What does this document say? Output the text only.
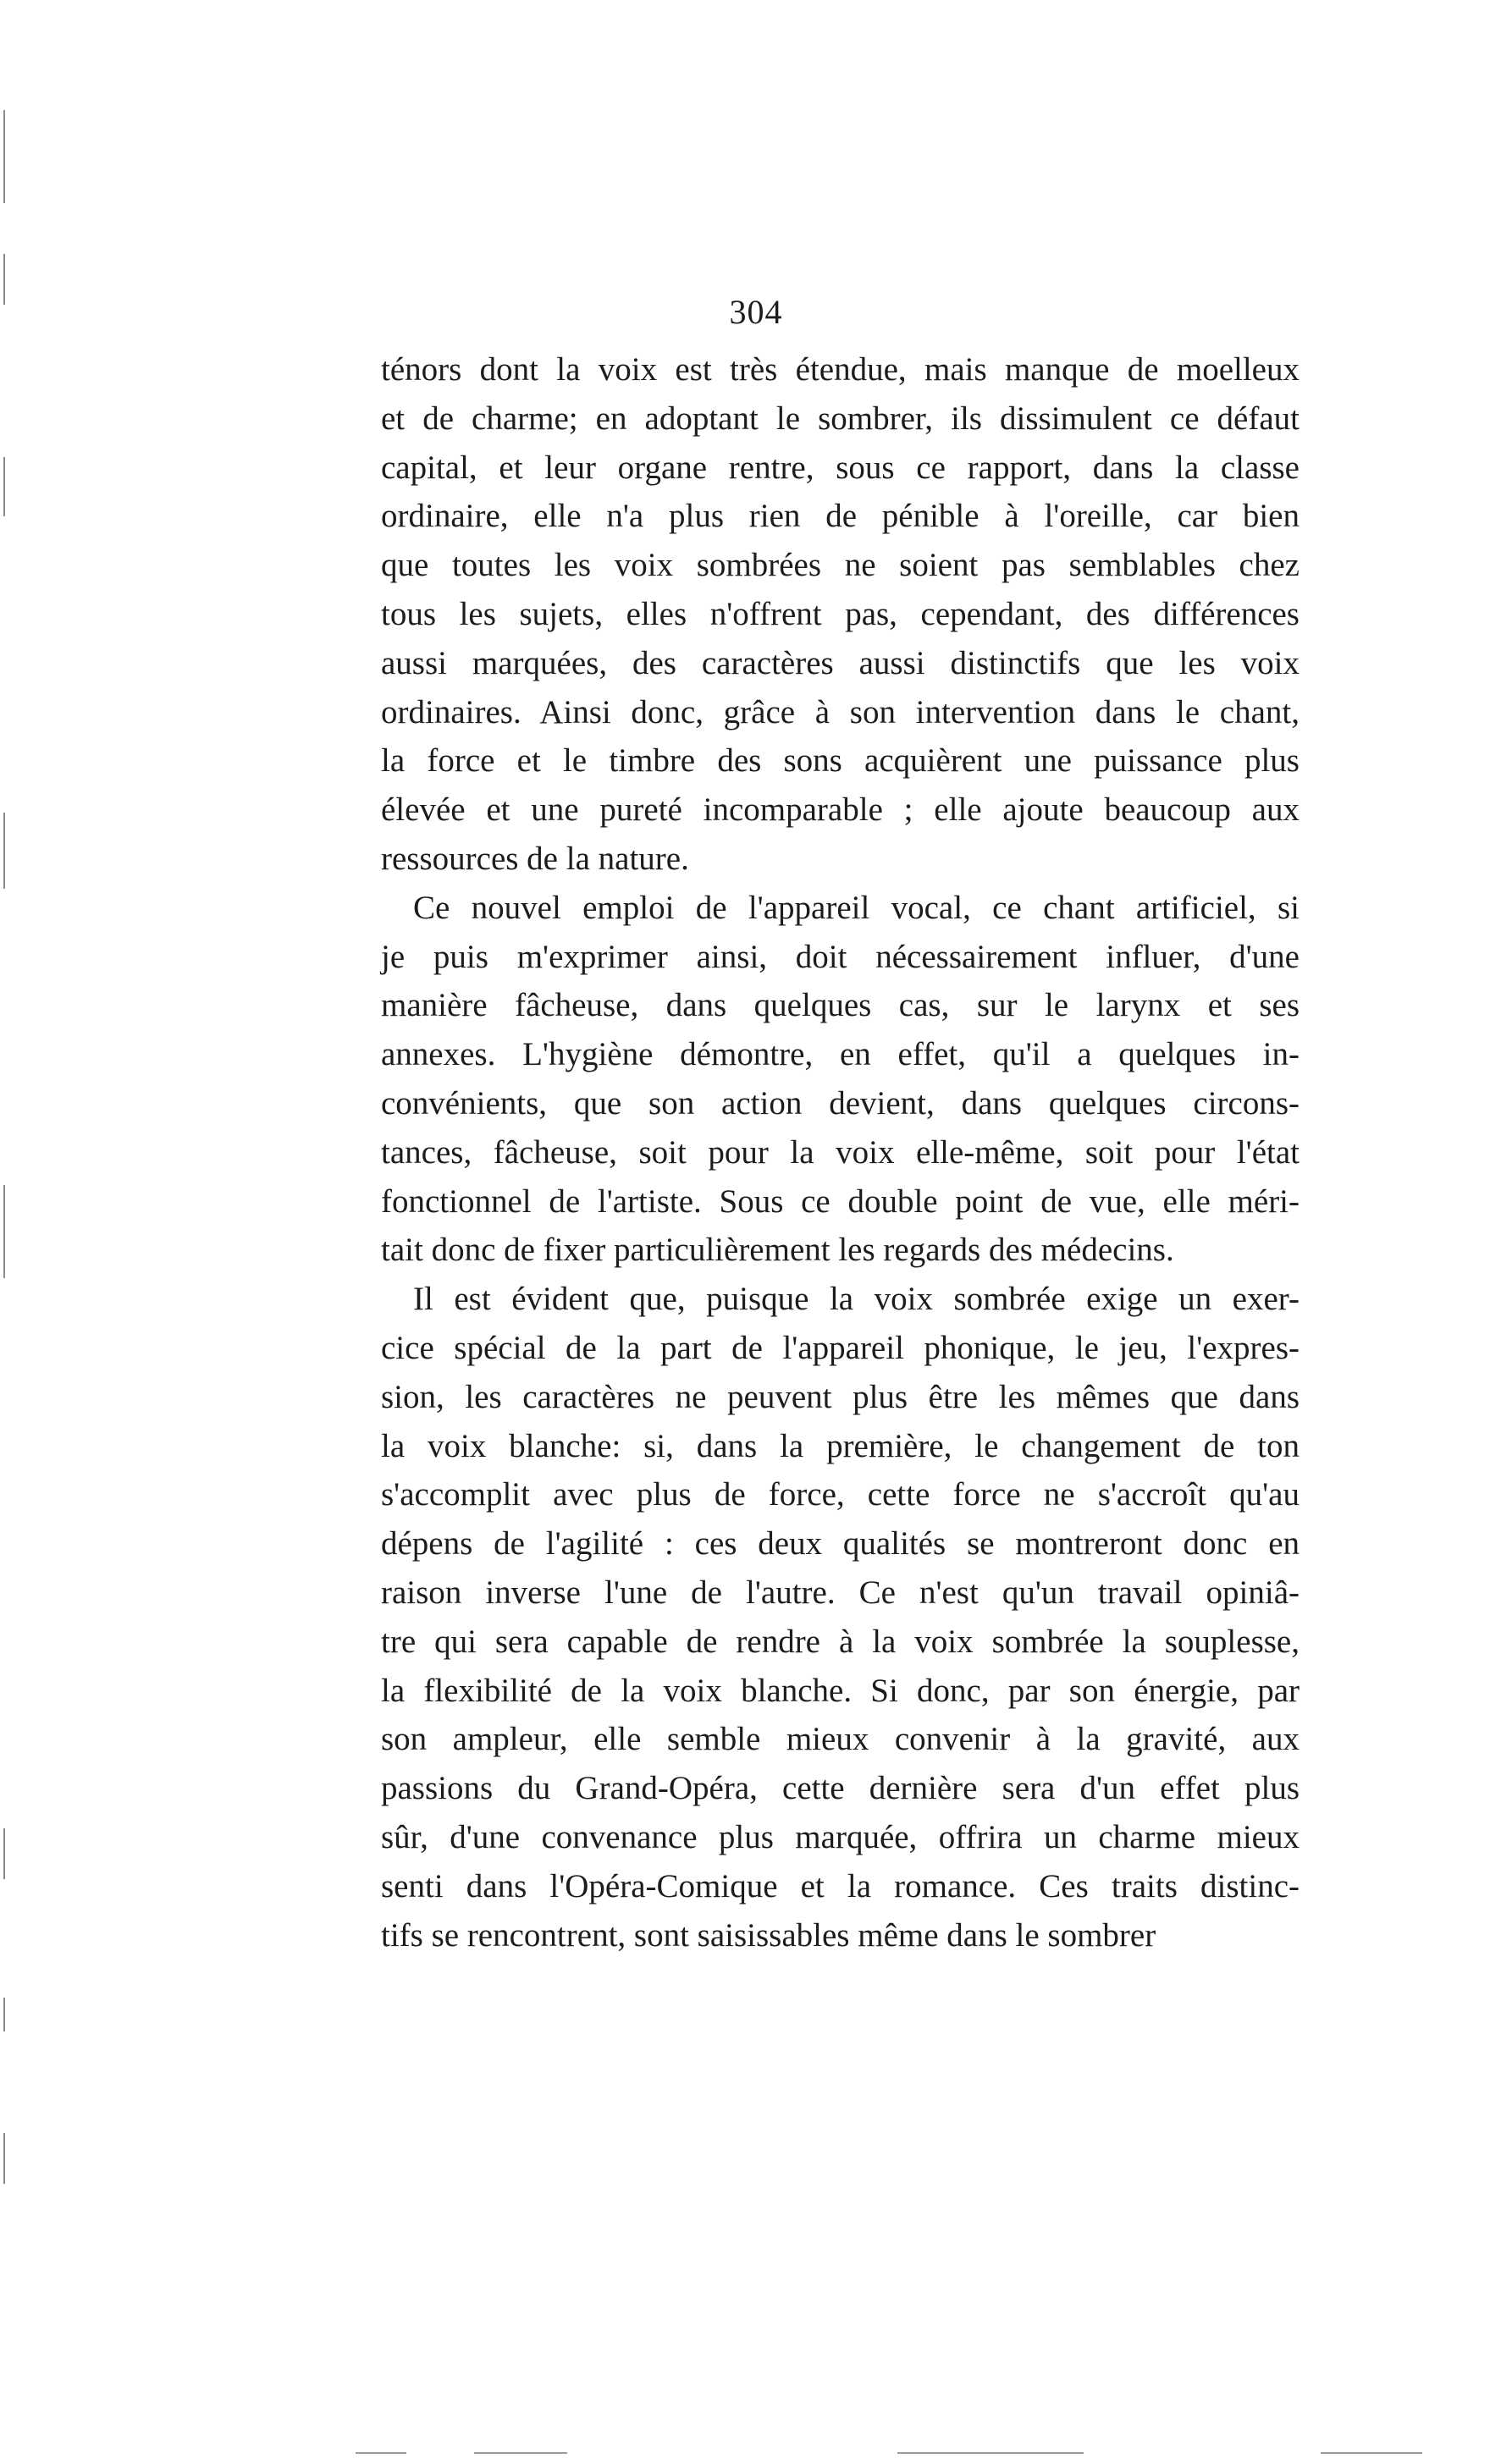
304
ténors dont la voix est très étendue, mais manque de moelleux
et de charme; en adoptant le sombrer, ils dissimulent ce défaut
capital, et leur organe rentre, sous ce rapport, dans la classe
ordinaire, elle n'a plus rien de pénible à l'oreille, car bien
que toutes les voix sombrées ne soient pas semblables chez
tous les sujets, elles n'offrent pas, cependant, des différences
aussi marquées, des caractères aussi distinctifs que les voix
ordinaires. Ainsi donc, grâce à son intervention dans le chant,
la force et le timbre des sons acquièrent une puissance plus
élevée et une pureté incomparable ; elle ajoute beaucoup aux
ressources de la nature.
Ce nouvel emploi de l'appareil vocal, ce chant artificiel, si
je puis m'exprimer ainsi, doit nécessairement influer, d'une
manière fâcheuse, dans quelques cas, sur le larynx et ses
annexes. L'hygiène démontre, en effet, qu'il a quelques in-
convénients, que son action devient, dans quelques circons-
tances, fâcheuse, soit pour la voix elle-même, soit pour l'état
fonctionnel de l'artiste. Sous ce double point de vue, elle méri-
tait donc de fixer particulièrement les regards des médecins.
Il est évident que, puisque la voix sombrée exige un exer-
cice spécial de la part de l'appareil phonique, le jeu, l'expres-
sion, les caractères ne peuvent plus être les mêmes que dans
la voix blanche: si, dans la première, le changement de ton
s'accomplit avec plus de force, cette force ne s'accroît qu'au
dépens de l'agilité : ces deux qualités se montreront donc en
raison inverse l'une de l'autre. Ce n'est qu'un travail opiniâ-
tre qui sera capable de rendre à la voix sombrée la souplesse,
la flexibilité de la voix blanche. Si donc, par son énergie, par
son ampleur, elle semble mieux convenir à la gravité, aux
passions du Grand-Opéra, cette dernière sera d'un effet plus
sûr, d'une convenance plus marquée, offrira un charme mieux
senti dans l'Opéra-Comique et la romance. Ces traits distinc-
tifs se rencontrent, sont saisissables même dans le sombrer
